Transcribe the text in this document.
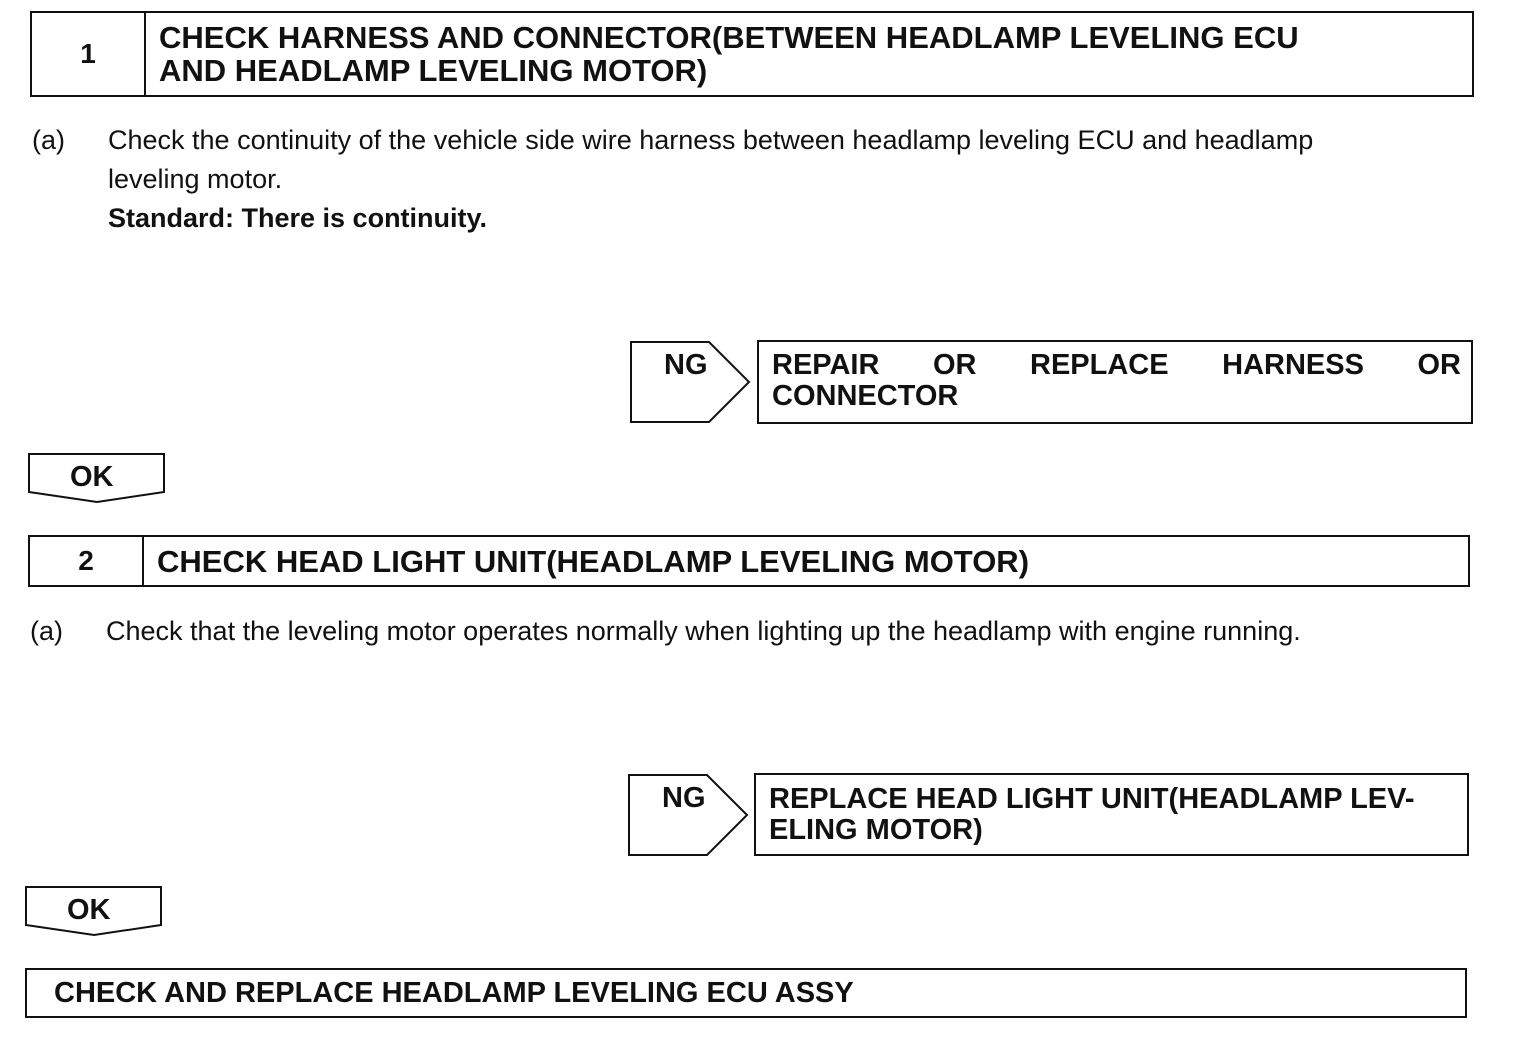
1	CHECK HARNESS AND CONNECTOR(BETWEEN HEADLAMP LEVELING ECU
AND HEADLAMP LEVELING MOTOR)
(a) Check the continuity of the vehicle side wire harness between headlamp leveling ECU and headlamp
leveling motor.
Standard: There is continuity.
NG REPAIR OR REPLACE HARNESS OR
CONNECTOR
OK
2	CHECK HEAD LIGHT UNIT(HEADLAMP LEVELING MOTOR)
(a) Check that the leveling motor operates normally when lighting up the headlamp with engine running.
NG REPLACE HEAD LIGHT UNIT(HEADLAMP LEV-
ELING MOTOR)
OK
CHECK AND REPLACE HEADLAMP LEVELING ECU ASSY
